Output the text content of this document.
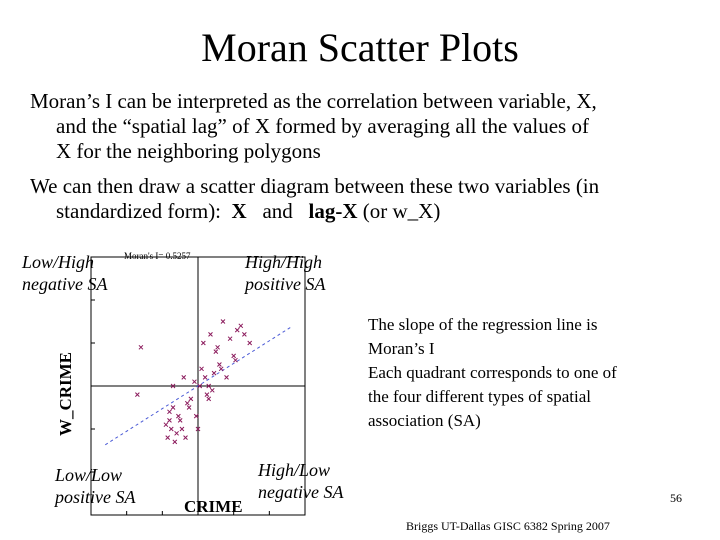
Moran Scatter Plots
Moran’s I can be interpreted as the correlation between variable, X,
and the “spatial lag” of X formed by averaging all the values of
X for the neighboring polygons
We can then draw a scatter diagram between these two variables (in
standardized form): X and lag-X (or w_X)
Moran's I= 0.5257
CRIME
W_CRIME
Low/High
negative SA
High/High
positive SA
Low/Low
positive SA
High/Low
negative SA
The slope of the regression line is
Moran’s I
Each quadrant corresponds to one of
the four different types of spatial
association (SA)
56
Briggs UT-Dallas GISC 6382 Spring 2007
